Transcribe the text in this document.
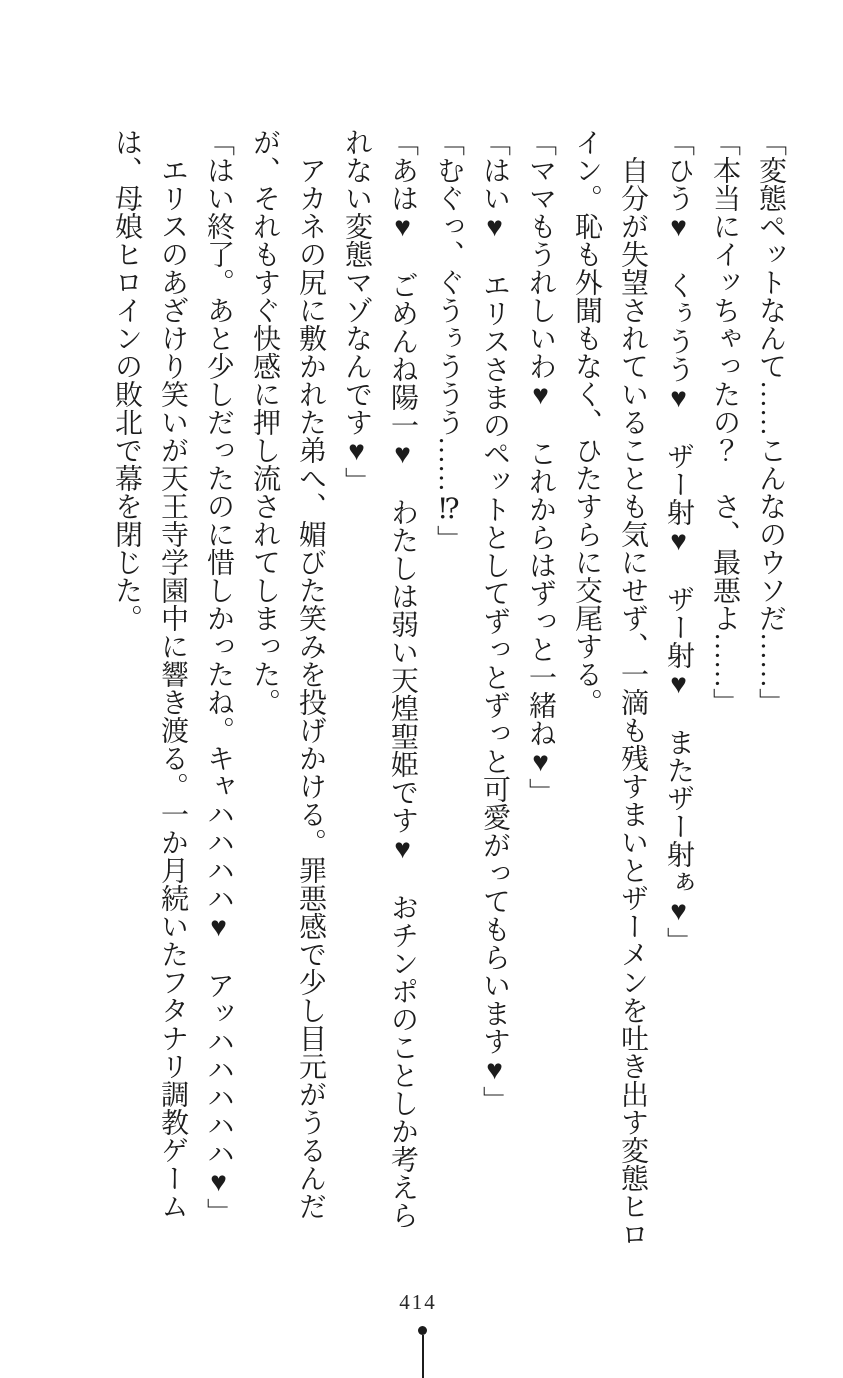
「変態ペットなんて……こんなのウソだ……」

「本当にイッちゃったの？　さ、最悪よ……」

「ひう♥　くぅうう♥　ザー射♥　ザー射♥　またザー射ぁ♥」

自分が失望されていることも気にせず、一滴も残すまいとザーメンを吐き出す変態ヒロイン。恥も外聞もなく、ひたすらに交尾する。

「ママもうれしいわ♥　これからはずっと一緒ね♥」

「はい♥　エリスさまのペットとしてずっとずっと可愛がってもらいます♥」

「むぐっ、ぐうぅううう……⁉」

「あは♥　ごめんね陽一♥　わたしは弱い天煌聖姫です♥　おチンポのことしか考えられない変態マゾなんです♥」

アカネの尻に敷かれた弟へ、媚びた笑みを投げかける。罪悪感で少し目元がうるんだが、それもすぐ快感に押し流されてしまった。

「はい終了。あと少しだったのに惜しかったね。キャハハハハ♥　アッハハハハハ♥」

エリスのあざけり笑いが天王寺学園中に響き渡る。一か月続いたフタナリ調教ゲームは、母娘ヒロインの敗北で幕を閉じた。

414
